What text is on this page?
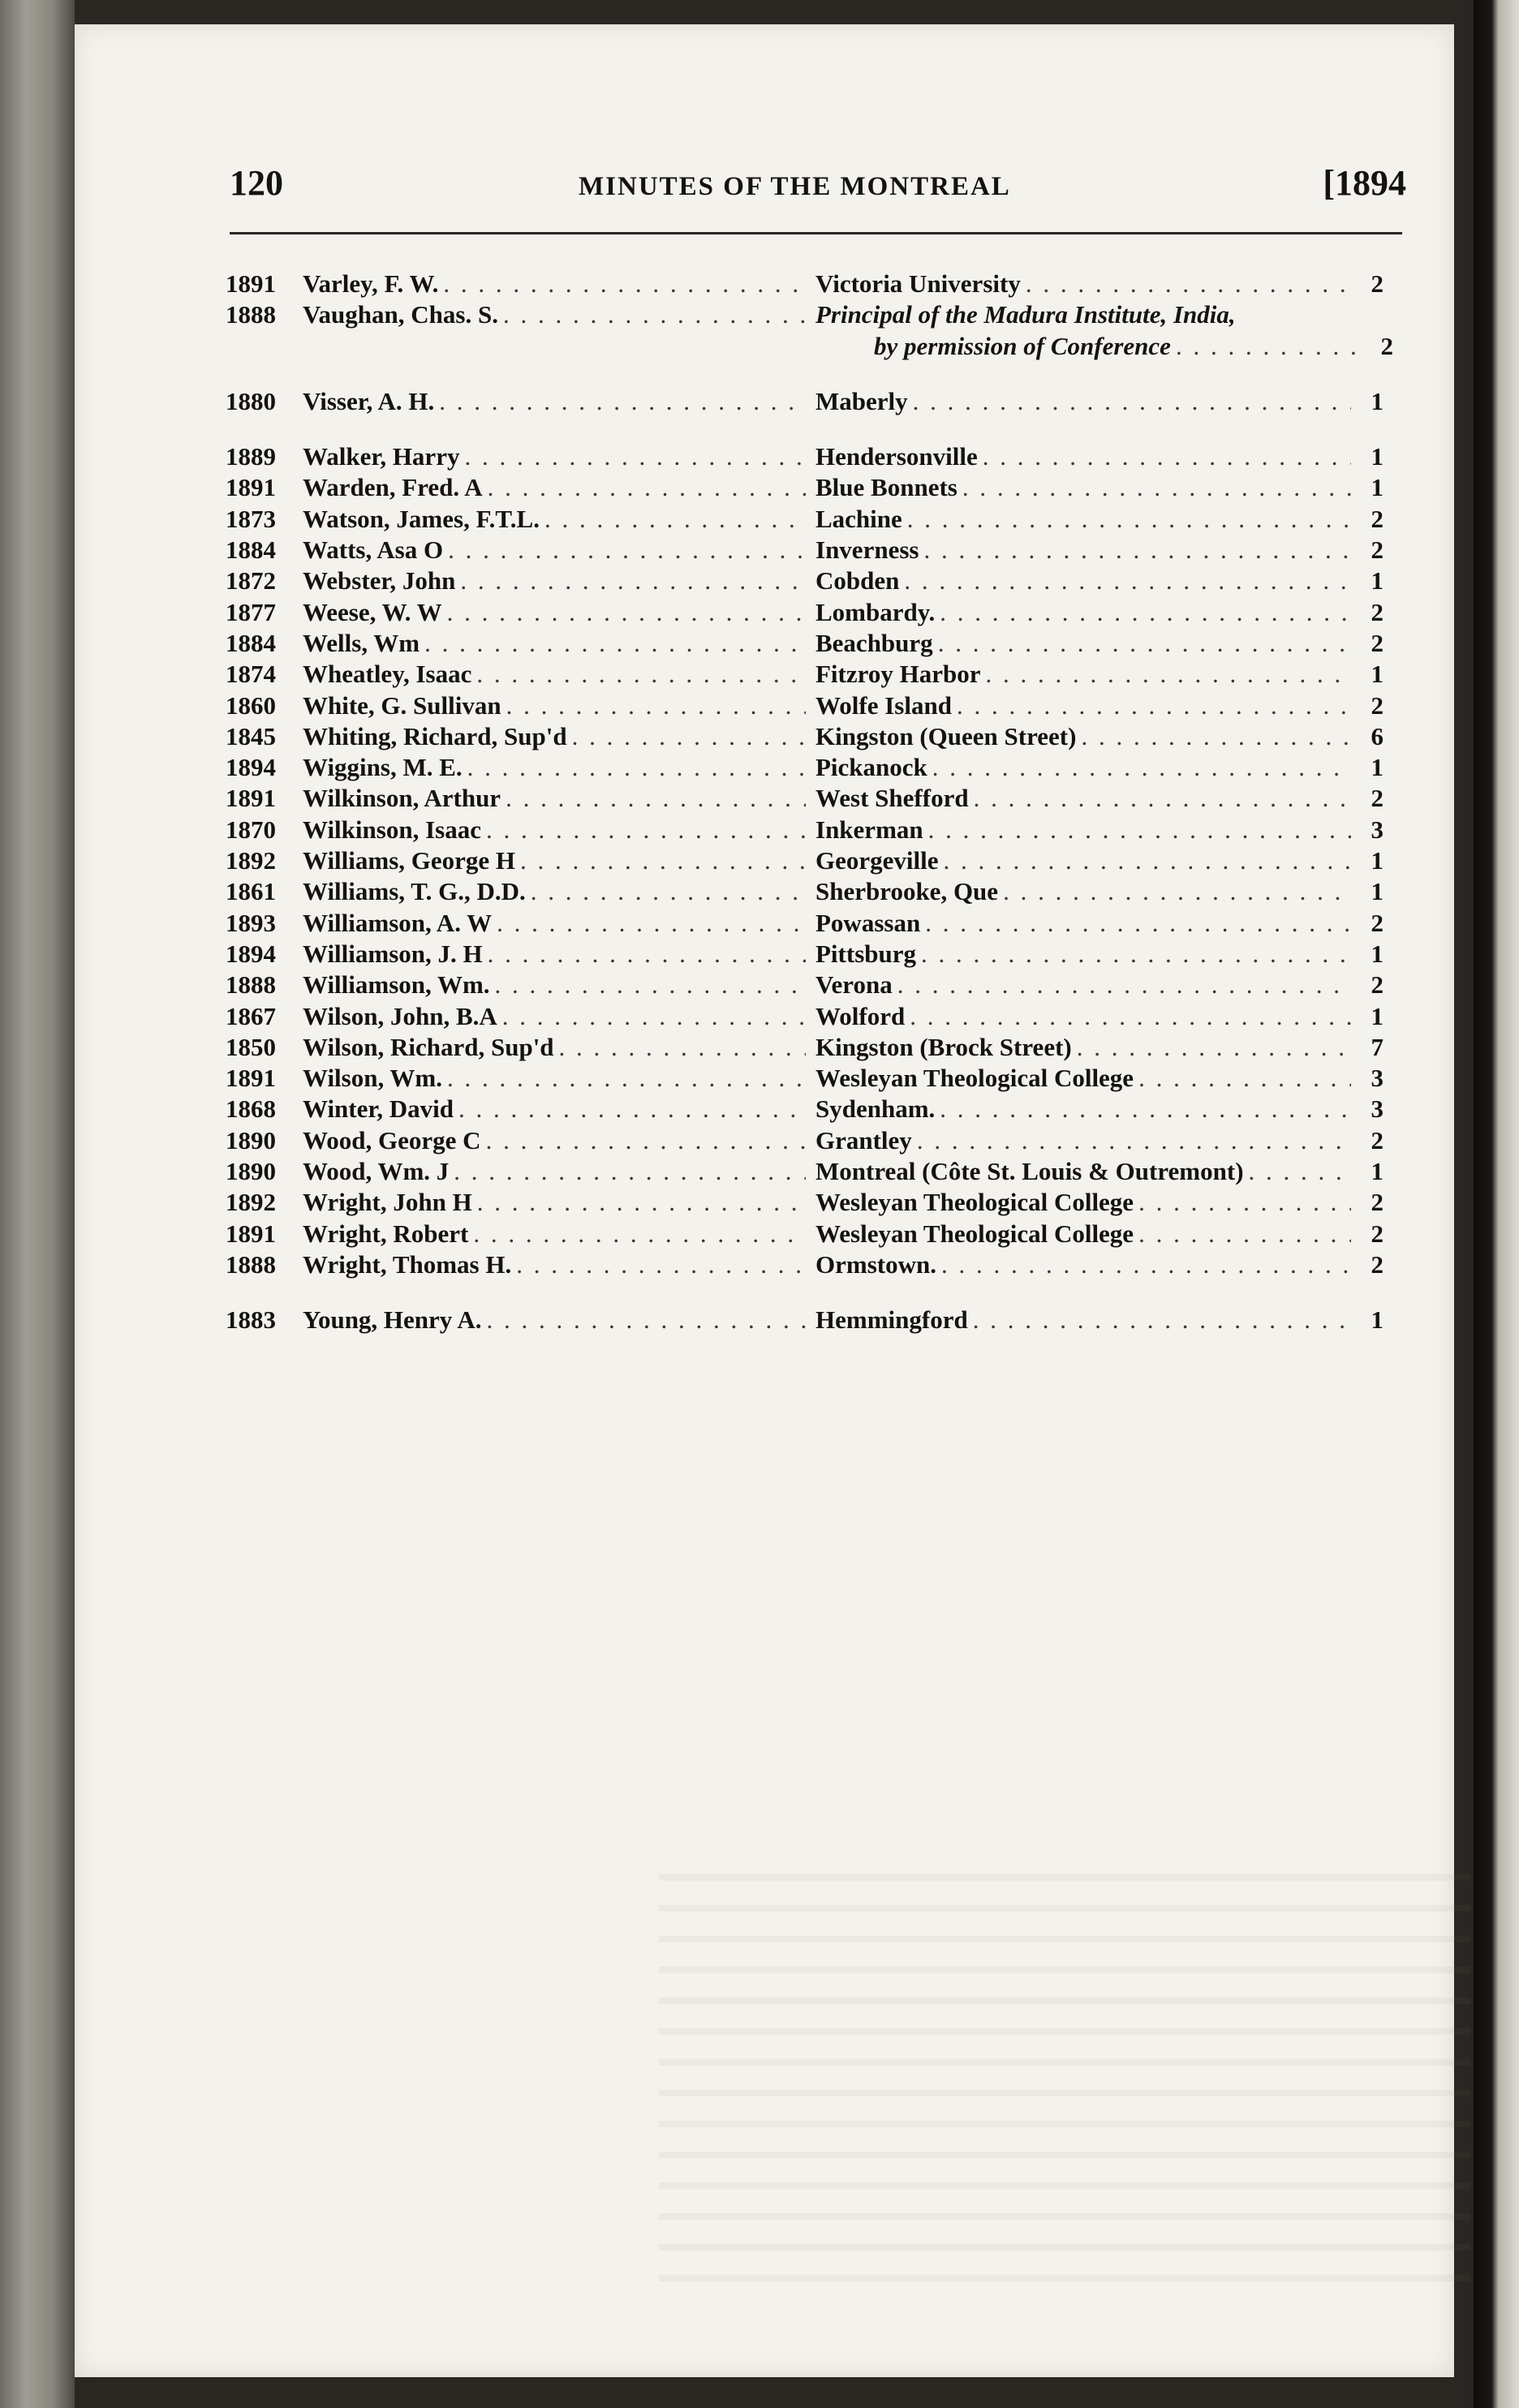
120	MINUTES OF THE MONTREAL	[1894
1891	Varley, F. W. . . .	Victoria University . . .	2
1888	Vaughan, Chas. S. . . .	Principal of the Madura Institute, India,
by permission of Conference . . .	2
1880	Visser, A. H. . . .	Maberly . . .	1
1889	Walker, Harry . . .	Hendersonville . . .	1
1891	Warden, Fred. A . . .	Blue Bonnets . . .	1
1873	Watson, James, F.T.L. . . .	Lachine . . .	2
1884	Watts, Asa O . . .	Inverness . . .	2
1872	Webster, John . . .	Cobden . . .	1
1877	Weese, W. W . . .	Lombardy. . . .	2
1884	Wells, Wm . . .	Beachburg . . .	2
1874	Wheatley, Isaac . . .	Fitzroy Harbor . . .	1
1860	White, G. Sullivan . . .	Wolfe Island . . .	2
1845	Whiting, Richard, Sup'd . . .	Kingston (Queen Street) . . .	6
1894	Wiggins, M. E. . . .	Pickanock . . .	1
1891	Wilkinson, Arthur . . .	West Shefford . . .	2
1870	Wilkinson, Isaac . . .	Inkerman . . .	3
1892	Williams, George H . . .	Georgeville . . .	1
1861	Williams, T. G., D.D. . . .	Sherbrooke, Que . . .	1
1893	Williamson, A. W . . .	Powassan . . .	2
1894	Williamson, J. H . . .	Pittsburg . . .	1
1888	Williamson, Wm. . . .	Verona . . .	2
1867	Wilson, John, B.A . . .	Wolford . . .	1
1850	Wilson, Richard, Sup'd . . .	Kingston (Brock Street) . . .	7
1891	Wilson, Wm. . . .	Wesleyan Theological College . . .	3
1868	Winter, David . . .	Sydenham. . . .	3
1890	Wood, George C . . .	Grantley . . .	2
1890	Wood, Wm. J . . .	Montreal (Côte St. Louis & Outremont) . . .	1
1892	Wright, John H . . .	Wesleyan Theological College . . .	2
1891	Wright, Robert . . .	Wesleyan Theological College . . .	2
1888	Wright, Thomas H. . . .	Ormstown. . . .	2
1883	Young, Henry A. . . .	Hemmingford . . .	1
